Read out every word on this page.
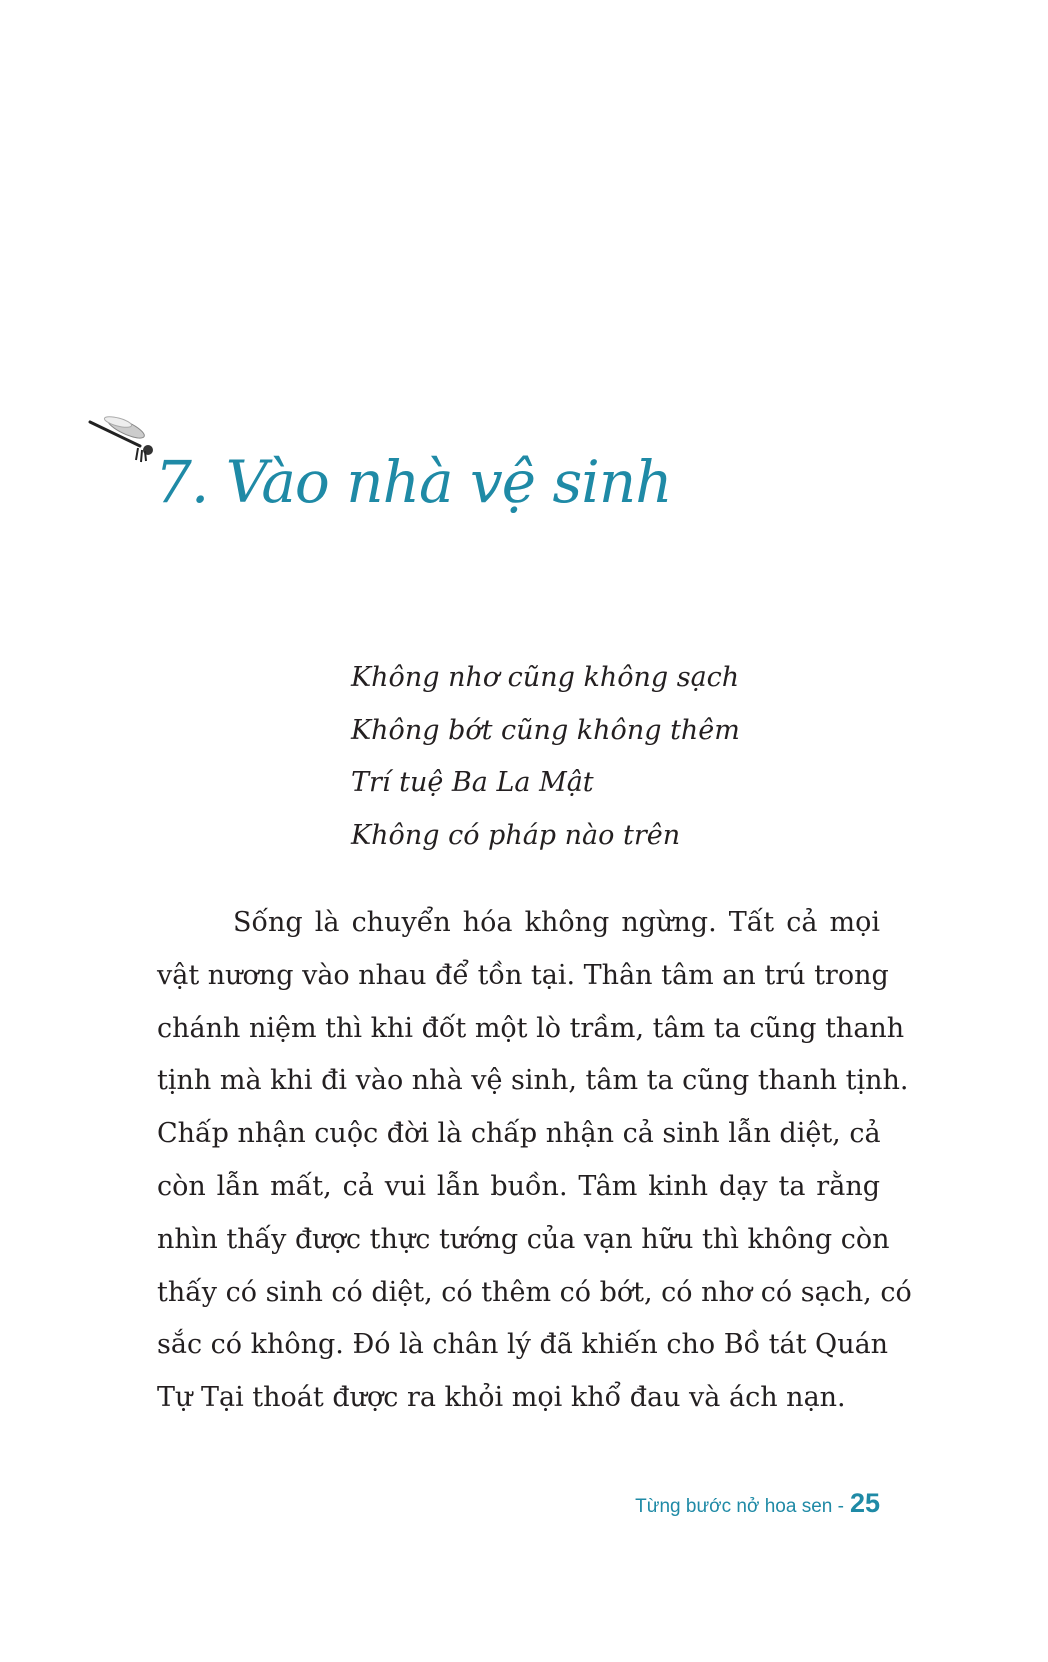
7. Vào nhà vệ sinh
Không nhơ cũng không sạch
Không bớt cũng không thêm
Trí tuệ Ba La Mật
Không có pháp nào trên
Sống là chuyển hóa không ngừng. Tất cả mọi
vật nương vào nhau để tồn tại. Thân tâm an trú trong
chánh niệm thì khi đốt một lò trầm, tâm ta cũng thanh
tịnh mà khi đi vào nhà vệ sinh, tâm ta cũng thanh tịnh.
Chấp nhận cuộc đời là chấp nhận cả sinh lẫn diệt, cả
còn lẫn mất, cả vui lẫn buồn. Tâm kinh dạy ta rằng
nhìn thấy được thực tướng của vạn hữu thì không còn
thấy có sinh có diệt, có thêm có bớt, có nhơ có sạch, có
sắc có không. Đó là chân lý đã khiến cho Bồ tát Quán
Tự Tại thoát được ra khỏi mọi khổ đau và ách nạn.
Từng bước nở hoa sen - 25
